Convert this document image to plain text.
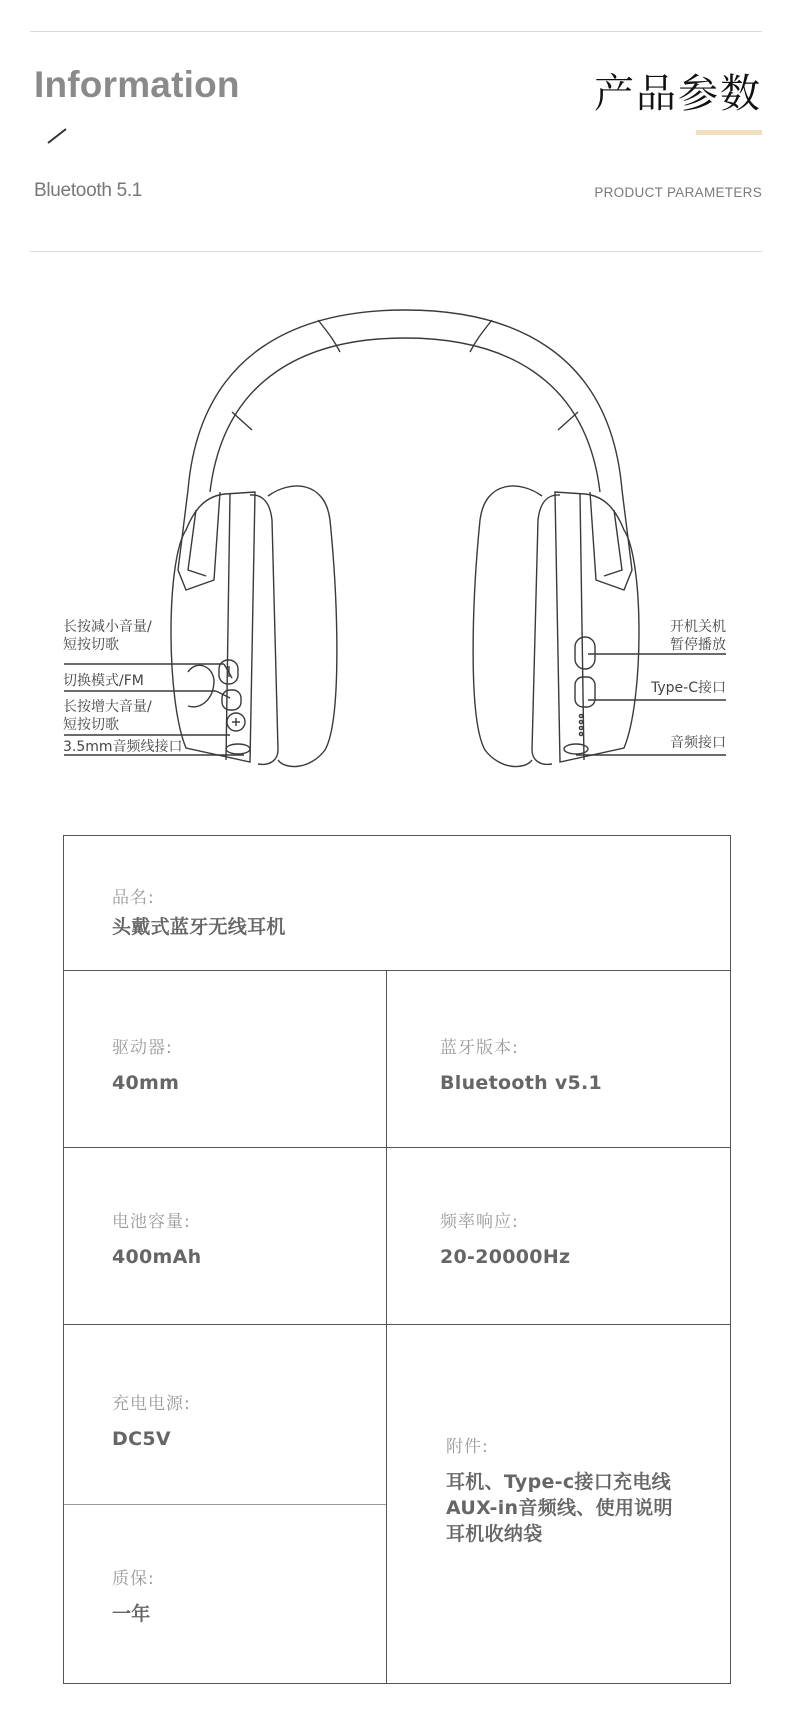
Information
Bluetooth 5.1
产品参数
PRODUCT PARAMETERS
长按减小音量/
短按切歌
切换模式/FM
长按增大音量/
短按切歌
3.5mm音频线接口
开机关机
暂停播放
Type-C接口
音频接口
品名:
头戴式蓝牙无线耳机
驱动器:
40mm
蓝牙版本:
Bluetooth v5.1
电池容量:
400mAh
频率响应:
20-20000Hz
充电电源:
DC5V	附件:
耳机、Type-c接口充电线
AUX-in音频线、使用说明
耳机收纳袋
质保:
一年
